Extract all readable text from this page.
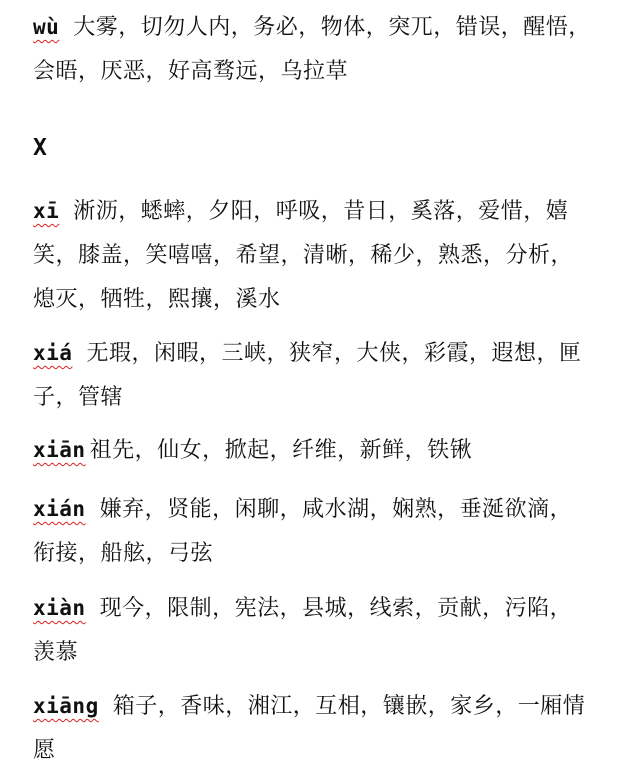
wù 大雾，切勿人内，务必，物体，突兀，错误，醒悟，会晤，厌恶，好高骛远，乌拉草
X
xī 淅沥，蟋蟀，夕阳，呼吸，昔日，奚落，爱惜，嬉笑，膝盖，笑嘻嘻，希望，清晰，稀少，熟悉，分析，熄灭，牺牲，熙攘，溪水
xiá 无瑕，闲暇，三峡，狭窄，大侠，彩霞，遐想，匣子，管辖
xiān 祖先，仙女，掀起，纤维，新鲜，铁锹
xián 嫌弃，贤能，闲聊，咸水湖，娴熟，垂涎欲滴，衔接，船舷，弓弦
xiàn 现今，限制，宪法，县城，线索，贡献，污陷，羡慕
xiāng 箱子，香味，湘江，互相，镶嵌，家乡，一厢情愿
